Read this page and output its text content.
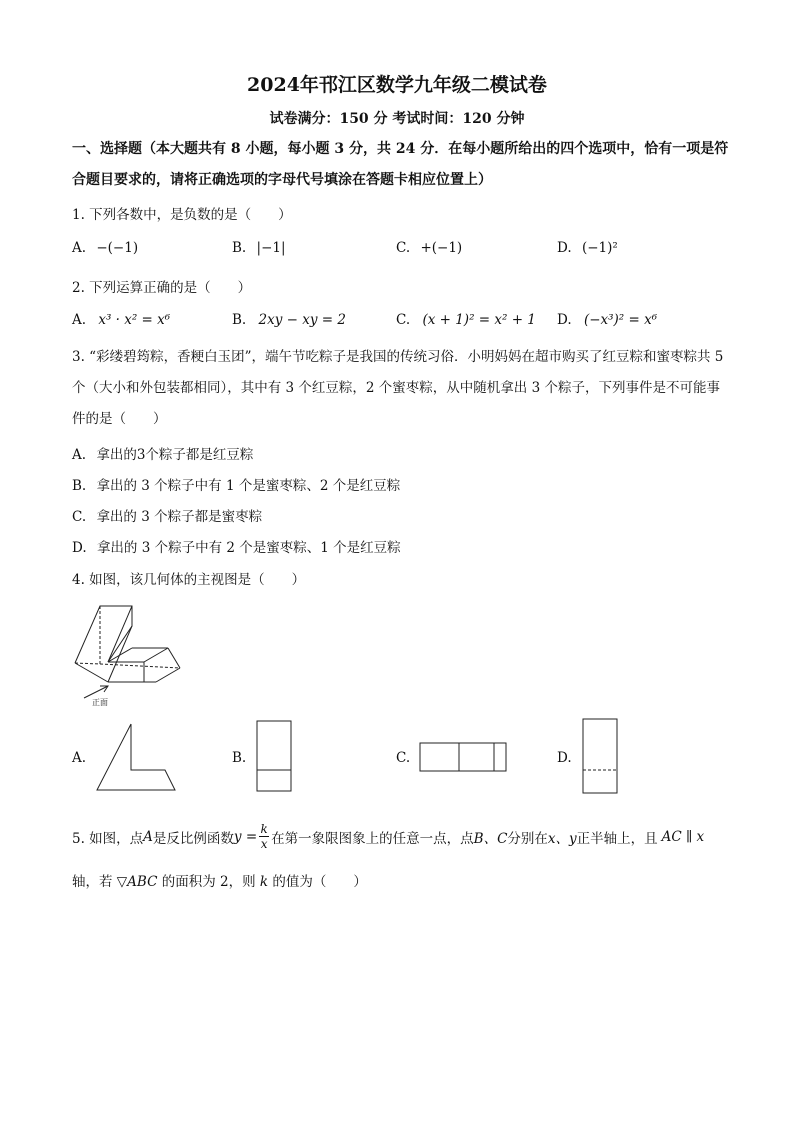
2024年邗江区数学九年级二模试卷
试卷满分：150 分 考试时间：120 分钟
一、选择题（本大题共有 8 小题，每小题 3 分，共 24 分．在每小题所给出的四个选项中，恰有一项是符合题目要求的，请将正确选项的字母代号填涂在答题卡相应位置上）
1. 下列各数中，是负数的是（　　）
A. −(−1)	B. |−1|	C. +(−1)	D. (−1)²
2. 下列运算正确的是（　　）
A. x³ · x² = x⁶	B. 2xy − xy = 2	C. (x + 1)² = x² + 1 D. (−x³)² = x⁶
3. “彩缕碧筠粽，香粳白玉团”，端午节吃粽子是我国的传统习俗．小明妈妈在超市购买了红豆粽和蜜枣粽共 5 个（大小和外包装都相同），其中有 3 个红豆粽，2 个蜜枣粽，从中随机拿出 3 个粽子，下列事件是不可能事件的是（　　）
A. 拿出的3个粽子都是红豆粽
B. 拿出的 3 个粽子中有 1 个是蜜枣粽、2 个是红豆粽
C. 拿出的 3 个粽子都是蜜枣粽
D. 拿出的 3 个粽子中有 2 个是蜜枣粽、1 个是红豆粽
4. 如图，该几何体的主视图是（　　）
正面
A.	B.	C.	D.
5. 如图，点 A 是反比例函数 y = k
x 在第一象限图象上的任意一点，点 B、C 分别在 x、y 正半轴上，且 AC ∥ x
轴，若 ▽ABC 的面积为 2，则 k 的值为（　　）
